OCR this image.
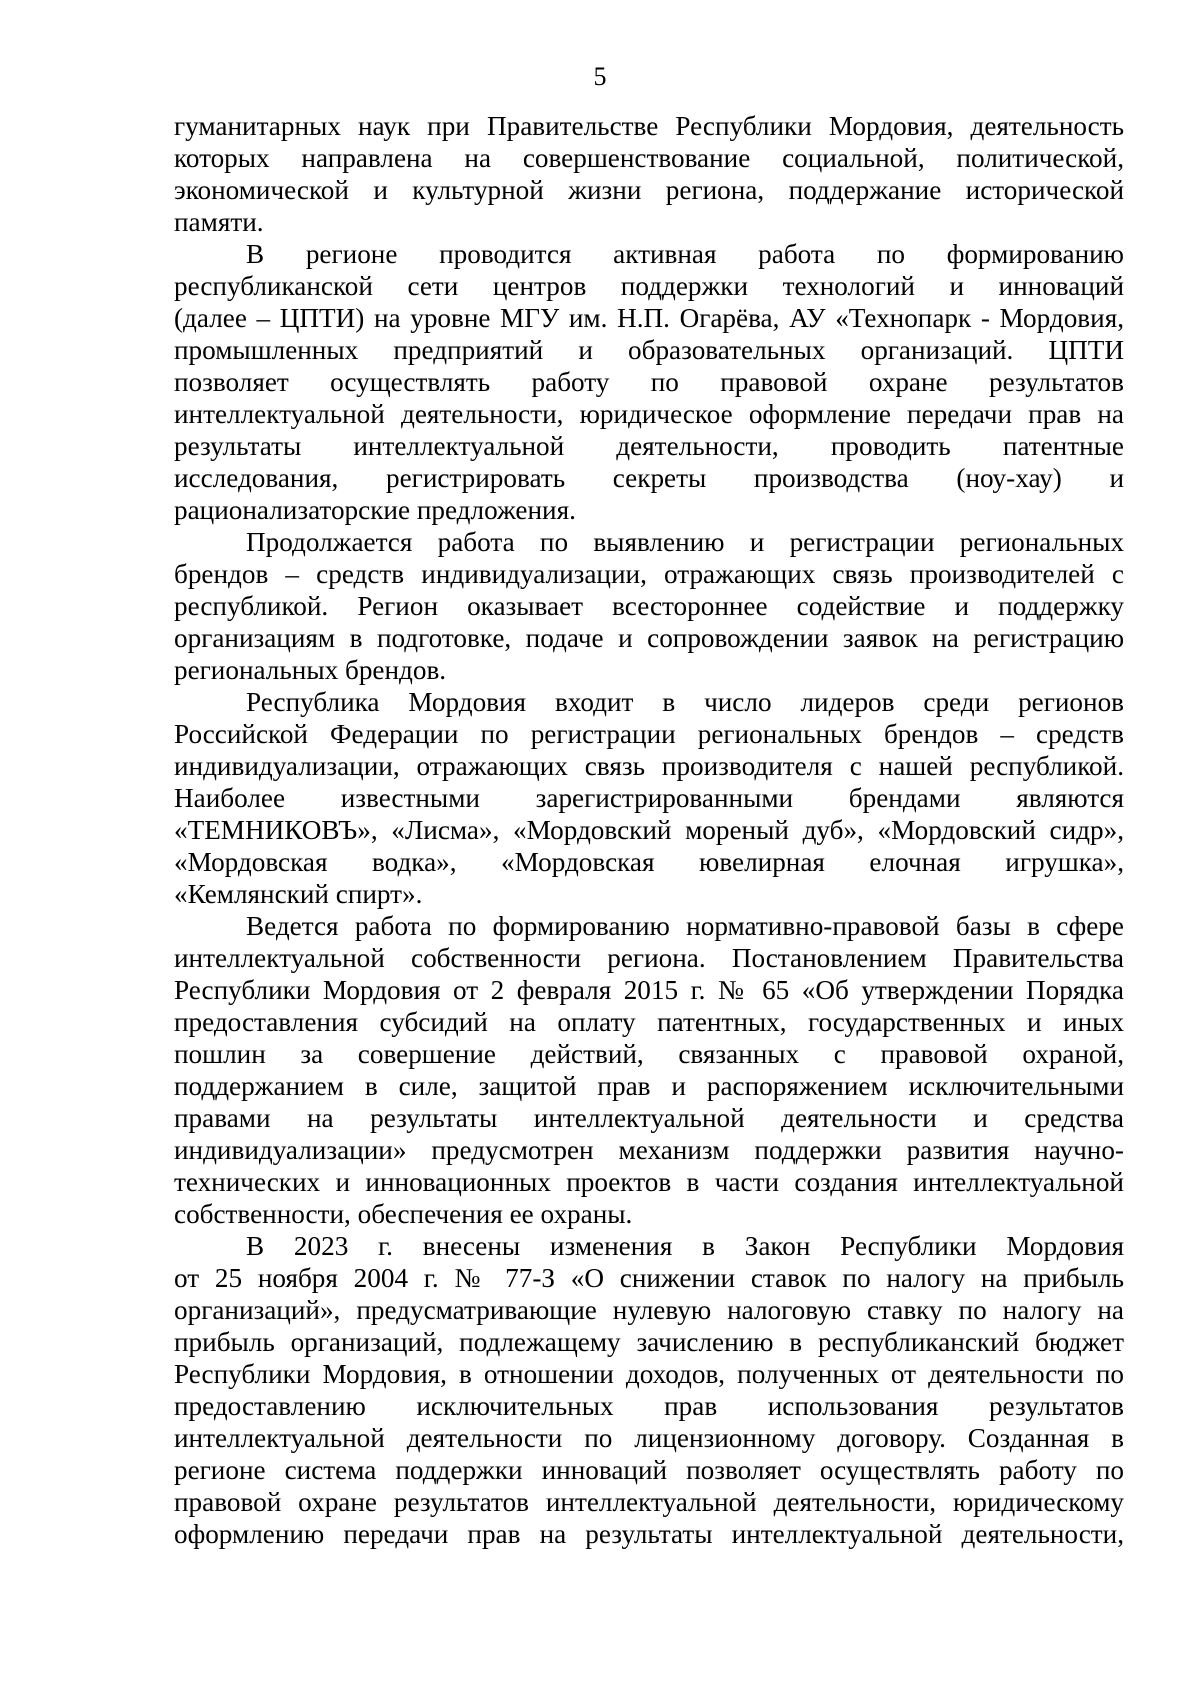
5
гуманитарных наук при Правительстве Республики Мордовия, деятельность
которых направлена на совершенствование социальной, политической,
экономической и культурной жизни региона, поддержание исторической
памяти.
В регионе проводится активная работа по формированию
республиканской сети центров поддержки технологий и инноваций
(далее – ЦПТИ) на уровне МГУ им. Н.П. Огарёва, АУ «Технопарк - Мордовия,
промышленных предприятий и образовательных организаций. ЦПТИ
позволяет осуществлять работу по правовой охране результатов
интеллектуальной деятельности, юридическое оформление передачи прав на
результаты интеллектуальной деятельности, проводить патентные
исследования, регистрировать секреты производства (ноу-хау) и
рационализаторские предложения.
Продолжается работа по выявлению и регистрации региональных
брендов – средств индивидуализации, отражающих связь производителей с
республикой. Регион оказывает всестороннее содействие и поддержку
организациям в подготовке, подаче и сопровождении заявок на регистрацию
региональных брендов.
Республика Мордовия входит в число лидеров среди регионов
Российской Федерации по регистрации региональных брендов – средств
индивидуализации, отражающих связь производителя с нашей республикой.
Наиболее известными зарегистрированными брендами являются
«ТЕМНИКОВЪ», «Лисма», «Мордовский мореный дуб», «Мордовский сидр»,
«Мордовская водка», «Мордовская ювелирная елочная игрушка»,
«Кемлянский спирт».
Ведется работа по формированию нормативно-правовой базы в сфере
интеллектуальной собственности региона. Постановлением Правительства
Республики Мордовия от 2 февраля 2015 г. № 65 «Об утверждении Порядка
предоставления субсидий на оплату патентных, государственных и иных
пошлин за совершение действий, связанных с правовой охраной,
поддержанием в силе, защитой прав и распоряжением исключительными
правами на результаты интеллектуальной деятельности и средства
индивидуализации» предусмотрен механизм поддержки развития научно-
технических и инновационных проектов в части создания интеллектуальной
собственности, обеспечения ее охраны.
В 2023 г. внесены изменения в Закон Республики Мордовия
от 25 ноября 2004 г. № 77-З «О снижении ставок по налогу на прибыль
организаций», предусматривающие нулевую налоговую ставку по налогу на
прибыль организаций, подлежащему зачислению в республиканский бюджет
Республики Мордовия, в отношении доходов, полученных от деятельности по
предоставлению исключительных прав использования результатов
интеллектуальной деятельности по лицензионному договору. Созданная в
регионе система поддержки инноваций позволяет осуществлять работу по
правовой охране результатов интеллектуальной деятельности, юридическому
оформлению передачи прав на результаты интеллектуальной деятельности,
